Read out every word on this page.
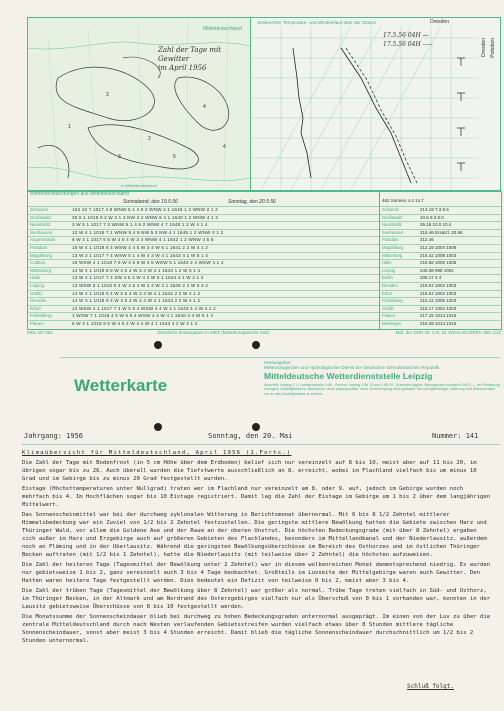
3
2
4
1
5
3
4
Mitteldeutschland
Zahl der Tage mit Gewitter
im April 1956
In Mitteldeutschland
Senkrechter Temperatur- und Windverlauf über der Station	Dresden
17.5.56 04H —
17.5.56 04H -----	Dresden Potsdam
Wetterbeobachtungen aus Mitteldeutschland
Sonnabend, den 19.5.56	Sonntag, den 20.5.56
Schwerin	104 10 ? 1017 4 8 WNW 5 1 4 9 2 WNW 4 1 1646 1 2 WNW 2 1 2
Greifswald	30 5 1 1016 9 2 W 3 1 4 NW 4 2 WNW 6 4 1 1640 1 2 WNW 4 1 2
Neustrelitz	3 W 5 1 1017 7 3 WNW 5 1 4 9 2 WNW 4 7 1648 1 2 W 4 1 4
Seehausen	12 W 4 1 1018 7 1 WNW 5 4 8 NW 5 3 NW 4 1 1645 1 2 WNW 4 1 2
Angermünde	6 W 4 1 1017 6 5 W 4 5 4 W 3 4 WNW 4 1 1642 1 2 WNW 4 5 6
Potsdam	15 W 4 1 1018 8 4 WSW 4 4 5 W 3 4 W 5 1 1641 2 2 W 4 1 2
Magdeburg	13 W 3 1 1017 7 4 WSW 5 1 4 W 4 3 W 4 1 1643 4 1 W 5 1 4
Cottbus	16 WSW 4 1 1018 7 6 W 4 5 8 W 4 5 WSW 5 1 1640 2 4 WSW 4 1 4
Wittenberg	14 W 4 1 1019 8 5 W 4 5 4 W 3 4 W 4 1 1643 1 2 W 5 1 4
Halle	13 W 4 1 1017 7 4 SW 4 5 4 W 4 4 W 5 1 1644 4 1 W 4 1 4
Leipzig	13 WSW 3 1 1016 9 4 W 4 5 4 W 4 4 W 4 1 1645 2 4 W 5 4 4
Görlitz	14 W 4 1 1018 8 4 W 5 5 4 W 3 4 W 4 1 1642 2 2 W 4 1 2
Dresden	14 W 3 1 1018 9 4 W 4 5 4 W 4 4 W 4 1 1643 2 2 W 4 1 2
Erfurt	12 WSW 4 1 1017 7 4 W 5 5 4 WSW 4 4 W 4 1 1643 4 4 W 4 1 2
Fichtelberg	1 WSW 7 1 1016 4 5 W 5 5 4 WSW 4 4 W 4 1 1640 4 4 W 5 1 4
Plauen	6 W 4 1 1018 9 5 W 4 5 4 W 4 4 W 4 1 1643 4 2 W 4 1 2
462 Sonnen 4.4 14.7
Schwerin	214.19 7.3 9.6
Greifswald	10.6 9.3 9.0
Neustrelitz	25.19 10.0 10.4
Seehausen	215.46 Ersatzl. 20.56
Potsdam	212.46
Magdeburg	212.19 1004 1006
Wittenberg	216.42 1008 1003
Halle	216.58 1000 1006
Leipzig	240.38 998 1002
Berlin	205.17 4 4
Dresden	219.04 1004 1003
Erfurt	215.04 1004 1003
Fichtelberg	216.12 1006 1003
Görlitz	218.17 1004 1003
Plauen	217.15 1014 1016
Meiningen	216.49 1014 1016
MDL-W/ 381	Sämtliche Zeitangaben in MEZ (Mitteleuropäische Zeit)	Mdl. der DDR str. 2 N. 61 WDALIGUZERV 365 1/12
Wetterkarte
Herausgeber:
Meteorologischer und Hydrologischer Dienst der Deutschen Demokratischen Republik
Mitteldeutsche Wetterdienststelle Leipzig
Anschrift: Leipzig C 1, Lenbachstraße 14/8 · Fernruf: Leipzig 4 86 74 und 4 96 24 · Erscheint täglich. Bezugspreis monatlich DM 5,—, bei Postbezug zuzüglich Zustellgebühren. Nachdruck, auch auszugsweise, ohne Genehmigung nicht gestattet. Bei unregelmäßiger Lieferung sind Beschwerden nur an das Zustellpostamt zu richten.
Jahrgang: 1956	Sonntag, den 20. Mai	Nummer: 141

Klimaübersicht für Mitteldeutschland, April 1956 (1.Forts.)

Die Zahl der Tage mit Bodenfrost (in 5 cm Höhe über dem Erdboden) belief sich nur vereinzelt auf 8 bis 10, meist aber auf 11 bis 20, im übrigen sogar bis zu 26. Auch überall wurden die Tiefstwerte ausschließlich an 8. erreicht, wobei im Flachland vielfach bis um minus 10 Grad und im Gebirge bis zu minus 20 Grad festgestellt wurden.

Eistage (Höchsttemperaturen unter Nullgrad) traten wer im Flachland nur vereinzelt am 8. oder 9. auf, jedoch im Gebirge wurden noch mehrfach bis 4. Im Hochflächen sogar bis 10 Eistage registriert. Damit lag die Zahl der Eistage im Gebirge um 1 bis 2 über dem langjährigen Mittelwert.

Das Sonnenscheinmittel war bei der durchweg zyklonalen Witterung in Berichtsmonat übernormal. Mit 6 bis 8 1/2 Zehntel mittlerer Himmelsbedeckung war ein Zuviel von 1/2 bis 2 Zehntel festzustellen. Die geringste mittlere Bewölkung hatten die Gebiete zwischen Harz und Thüringer Wald, vor allem die Goldene Aue und der Raum an der oberen Unstrut. Die höchsten Bedeckungsgrade (mit über 8 Zehntel) ergaben sich außer im Harz und Erzgebirge auch auf größeren Gebieten des Flachlandes, besonders im Mittellandkanal und der Niederlausitz, außerdem noch an Fläming und in der Uberlausitz. Während die geringsten Bewölkungsüberschüsse im Bereich des Osthorzes und im östlichen Thüringer Becken auftraten (mit 1/2 bis 1 Zehntel), hatte die Niederlausitz (mit teilweise über 2 Zehntel) die höchsten aufzuweisen.

Die Zahl der heiteren Tage (Tagesmittel der Bewölkung unter 2 Zehntel) war in diesem wolkenreichen Monat dementsprechend niedrig. Es wurden nur gebietsweise 1 bis 2, ganz vereinzelt auch 3 bis 4 Tage beobachtet. Großteils im Luvseite der Mittelgebirge waren auch Gewitter. Den Hatten waren heitere Tage festgestellt worden. Dies bedeutet ein Defizit von teilweise 0 bis 2, meist aber 3 bis 4.

Die Zahl der trüben Tage (Tagesmittel der Bewölkung über 8 Zehntel) war größer als normal. Trübe Tage treten vielfach in Süd- und Osthorz, im Thüringer Becken, in der Altmark und am Nordrand des Osterzgebirges vielfach nur als Überschuß von 0 bis 1 vorhanden war, konnten in der Lausitz gebietsweise Überschüsse von 8 bis 10 festgestellt werden.

Die Monatssumme der Sonnenscheindauer blieb bei durchweg zu hohen Bedeckungsgraden unternormal ausgeprägt. Im einen von der Luv zu über die zentrale Mitteldeutschland durch nach Westen verlaufenden Gebietsstreifen wurden vielfach etwas über 8 Stunden mittlere tägliche Sonnenscheindauer, sonst aber meist 3 bis 4 Stunden erreicht. Damit blieb die tägliche Sonnenscheindauer durchschnittlich um 1/2 bis 2 Stunden unternormal.

Schluß folgt.
